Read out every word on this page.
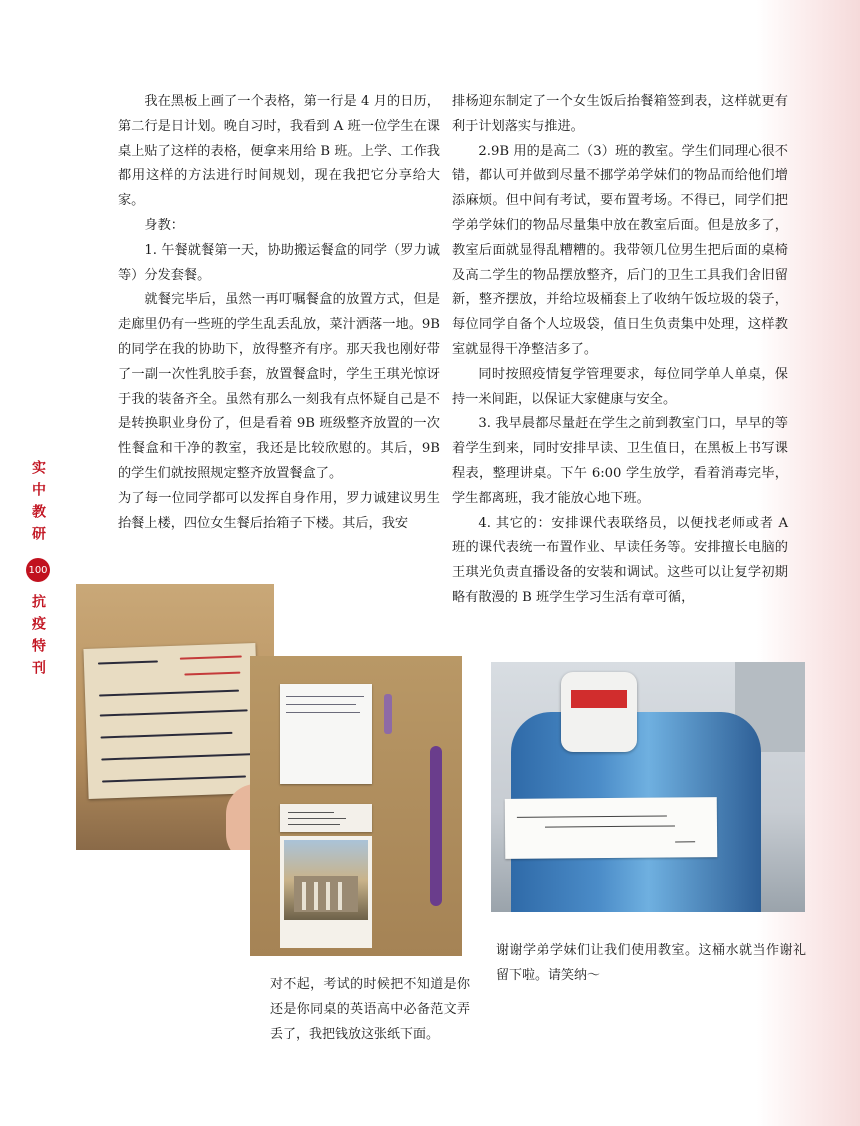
实中教研
100
抗疫特刊

我在黑板上画了一个表格，第一行是 4 月的日历，第二行是日计划。晚自习时，我看到 A 班一位学生在课桌上贴了这样的表格，便拿来用给 B 班。上学、工作我都用这样的方法进行时间规划，现在我把它分享给大家。

身教：

1. 午餐就餐第一天，协助搬运餐盒的同学（罗力诚等）分发套餐。

就餐完毕后，虽然一再叮嘱餐盒的放置方式，但是走廊里仍有一些班的学生乱丢乱放，菜汁洒落一地。9B 的同学在我的协助下，放得整齐有序。那天我也刚好带了一副一次性乳胶手套，放置餐盒时，学生王琪光惊讶于我的装备齐全。虽然有那么一刻我有点怀疑自己是不是转换职业身份了，但是看着 9B 班级整齐放置的一次性餐盒和干净的教室，我还是比较欣慰的。其后，9B 的学生们就按照规定整齐放置餐盒了。

为了每一位同学都可以发挥自身作用，罗力诚建议男生抬餐上楼，四位女生餐后抬箱子下楼。其后，我安

排杨迎东制定了一个女生饭后抬餐箱签到表，这样就更有利于计划落实与推进。

2.9B 用的是高二（3）班的教室。学生们同理心很不错，都认可并做到尽量不挪学弟学妹们的物品而给他们增添麻烦。但中间有考试，要布置考场。不得已，同学们把学弟学妹们的物品尽量集中放在教室后面。但是放多了，教室后面就显得乱糟糟的。我带领几位男生把后面的桌椅及高二学生的物品摆放整齐，后门的卫生工具我们舍旧留新，整齐摆放，并给垃圾桶套上了收纳午饭垃圾的袋子，每位同学自备个人垃圾袋，值日生负责集中处理，这样教室就显得干净整洁多了。

同时按照疫情复学管理要求，每位同学单人单桌，保持一米间距，以保证大家健康与安全。

3. 我早晨都尽量赶在学生之前到教室门口，早早的等着学生到来，同时安排早读、卫生值日，在黑板上书写课程表，整理讲桌。下午 6:00 学生放学，看着消毒完毕，学生都离班，我才能放心地下班。

4. 其它的：安排课代表联络员，以便找老师或者 A 班的课代表统一布置作业、早读任务等。安排擅长电脑的王琪光负责直播设备的安装和调试。这些可以让复学初期略有散漫的 B 班学生学习生活有章可循，

对不起，考试的时候把不知道是你还是你同桌的英语高中必备范文弄丢了，我把钱放这张纸下面。
谢谢学弟学妹们让我们使用教室。这桶水就当作谢礼留下啦。请笑纳～
